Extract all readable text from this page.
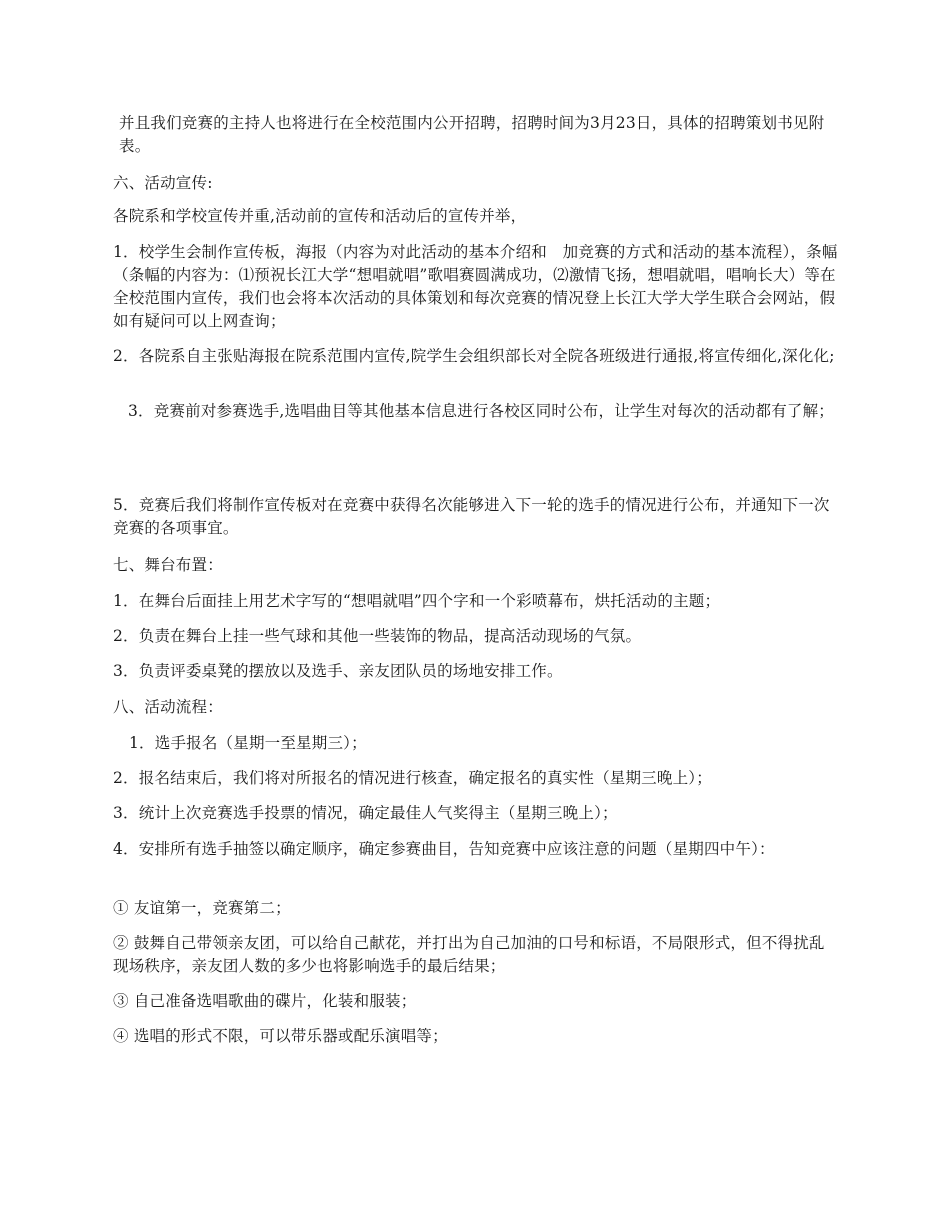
并且我们竞赛的主持人也将进行在全校范围内公开招聘，招聘时间为3月23日，具体的招聘策划书见附表。

六、活动宣传:

各院系和学校宣传并重,活动前的宣传和活动后的宣传并举，

1．校学生会制作宣传板，海报（内容为对此活动的基本介绍和　加竞赛的方式和活动的基本流程），条幅（条幅的内容为：⑴预祝长江大学“想唱就唱”歌唱赛圆满成功，⑵激情飞扬，想唱就唱，唱响长大）等在全校范围内宣传，我们也会将本次活动的具体策划和每次竞赛的情况登上长江大学大学生联合会网站，假如有疑问可以上网查询；

2．各院系自主张贴海报在院系范围内宣传,院学生会组织部长对全院各班级进行通报,将宣传细化,深化化;

3．竞赛前对参赛选手,选唱曲目等其他基本信息进行各校区同时公布，让学生对每次的活动都有了解；

5．竞赛后我们将制作宣传板对在竞赛中获得名次能够进入下一轮的选手的情况进行公布，并通知下一次竞赛的各项事宜。

七、舞台布置：

1．在舞台后面挂上用艺术字写的“想唱就唱”四个字和一个彩喷幕布，烘托活动的主题；

2．负责在舞台上挂一些气球和其他一些装饰的物品，提高活动现场的气氛。

3．负责评委桌凳的摆放以及选手、亲友团队员的场地安排工作。

八、活动流程：

1．选手报名（星期一至星期三）；

2．报名结束后，我们将对所报名的情况进行核查，确定报名的真实性（星期三晚上）；

3．统计上次竞赛选手投票的情况，确定最佳人气奖得主（星期三晚上）；

4．安排所有选手抽签以确定顺序，确定参赛曲目，告知竞赛中应该注意的问题（星期四中午）：

① 友谊第一，竞赛第二；

② 鼓舞自己带领亲友团，可以给自己献花，并打出为自己加油的口号和标语，不局限形式，但不得扰乱现场秩序，亲友团人数的多少也将影响选手的最后结果；

③ 自己准备选唱歌曲的碟片，化装和服装；

④ 选唱的形式不限，可以带乐器或配乐演唱等；
